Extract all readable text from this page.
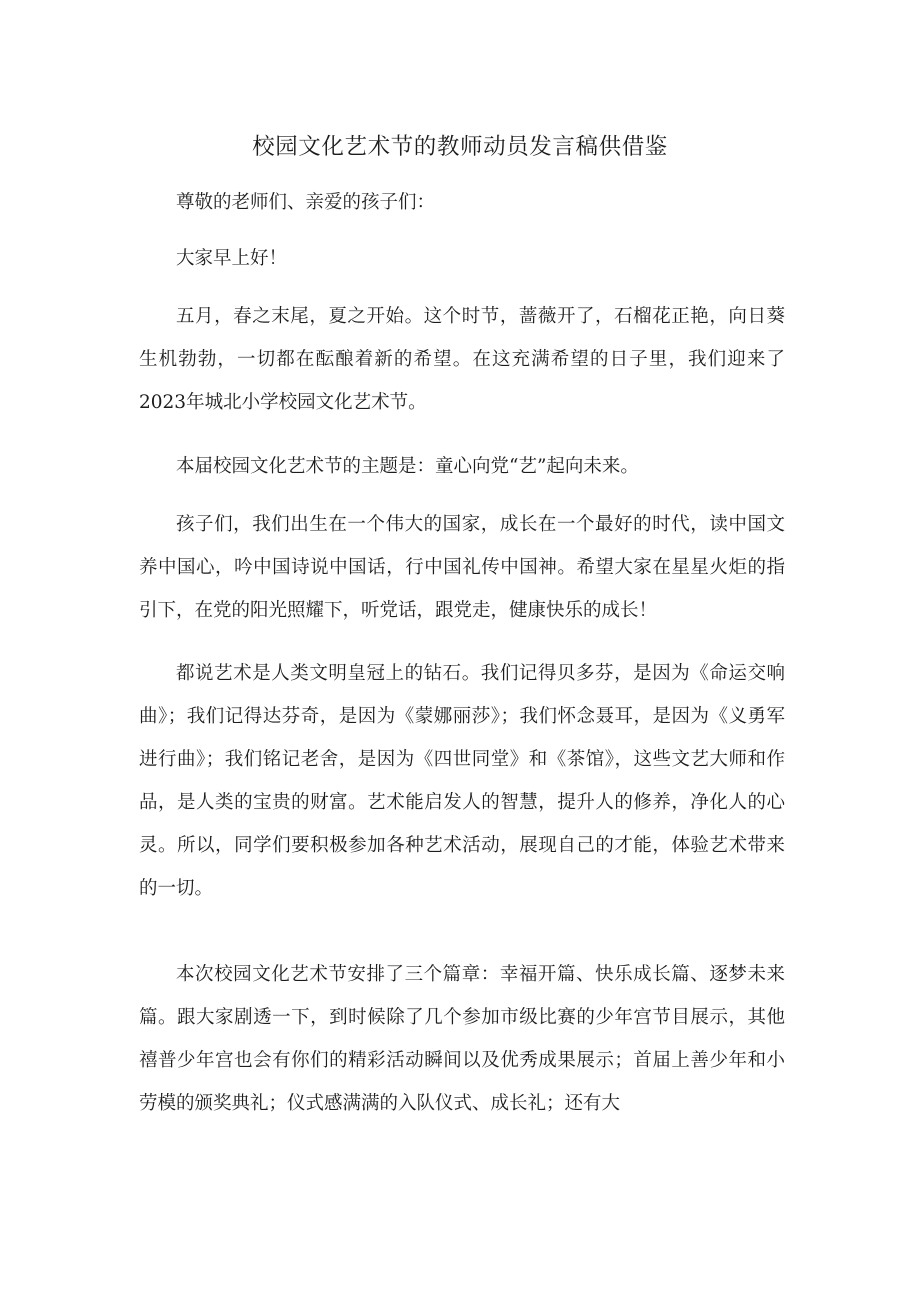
校园文化艺术节的教师动员发言稿供借鉴

尊敬的老师们、亲爱的孩子们：

大家早上好！

五月，春之末尾，夏之开始。这个时节，蔷薇开了，石榴花正艳，向日葵生机勃勃，一切都在酝酿着新的希望。在这充满希望的日子里，我们迎来了2023年城北小学校园文化艺术节。

本届校园文化艺术节的主题是：童心向党“艺”起向未来。

孩子们，我们出生在一个伟大的国家，成长在一个最好的时代，读中国文养中国心，吟中国诗说中国话，行中国礼传中国神。希望大家在星星火炬的指引下，在党的阳光照耀下，听党话，跟党走，健康快乐的成长！

都说艺术是人类文明皇冠上的钻石。我们记得贝多芬，是因为《命运交响曲》；我们记得达芬奇，是因为《蒙娜丽莎》；我们怀念聂耳，是因为《义勇军进行曲》；我们铭记老舍，是因为《四世同堂》和《茶馆》，这些文艺大师和作品，是人类的宝贵的财富。艺术能启发人的智慧，提升人的修养，净化人的心灵。所以，同学们要积极参加各种艺术活动，展现自己的才能，体验艺术带来的一切。

本次校园文化艺术节安排了三个篇章：幸福开篇、快乐成长篇、逐梦未来篇。跟大家剧透一下，到时候除了几个参加市级比赛的少年宫节目展示，其他禧普少年宫也会有你们的精彩活动瞬间以及优秀成果展示；首届上善少年和小劳模的颁奖典礼；仪式感满满的入队仪式、成长礼；还有大
